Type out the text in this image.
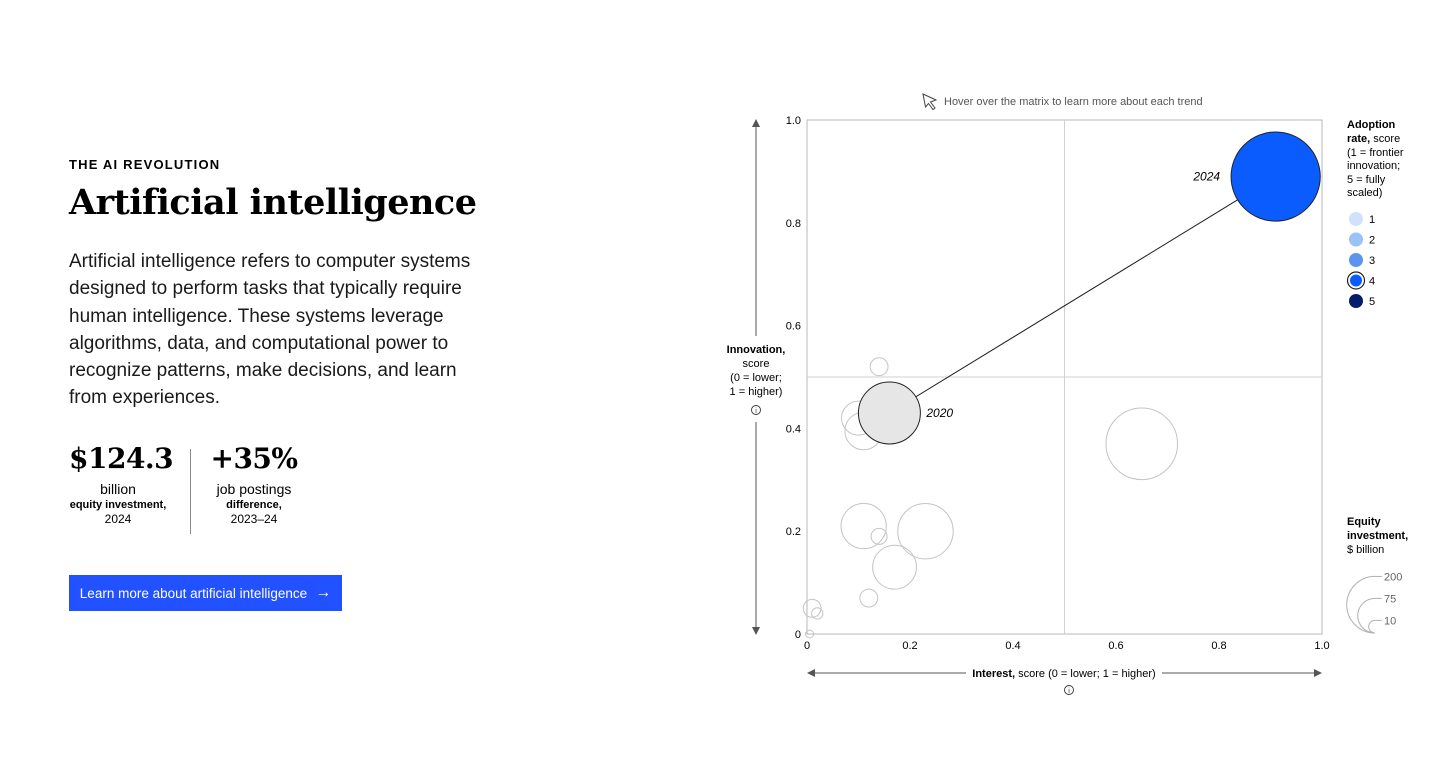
THE AI REVOLUTION
Artificial intelligence
Artificial intelligence refers to computer systems designed to perform tasks that typically require human intelligence. These systems leverage algorithms, data, and computational power to recognize patterns, make decisions, and learn from experiences.
$124.3
billion
equity investment,
2024
+35%
job postings
difference,
2023–24
Learn more about artificial intelligence →
Hover over the matrix to learn more about each trend
0	0.2	0.4	0.6	0.8	1.0
0
0.2
0.4
0.6
0.8
1.0
Innovation,
score
(0 = lower;
1 = higher)
i
Interest, score (0 = lower; 1 = higher)
i
2020
2024
Adoption
rate, score
(1 = frontier
innovation;
5 = fully
scaled)
1
2
3
4
5
Equity
investment,
$ billion
200
75
10
